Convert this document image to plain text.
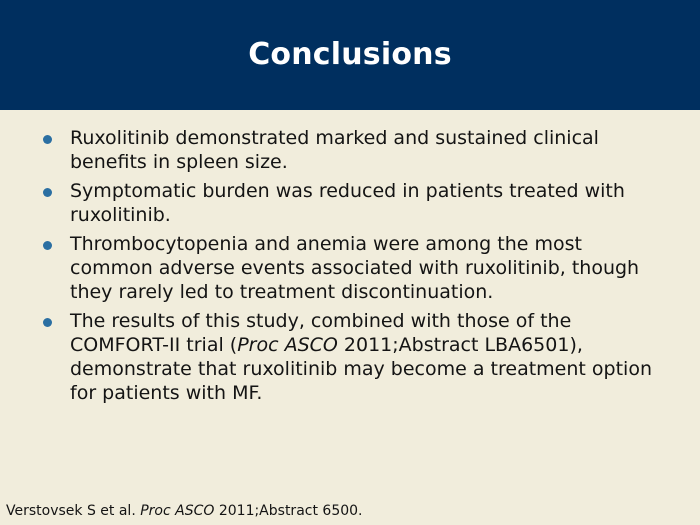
Conclusions
Ruxolitinib demonstrated marked and sustained clinical benefits in spleen size.
Symptomatic burden was reduced in patients treated with ruxolitinib.
Thrombocytopenia and anemia were among the most common adverse events associated with ruxolitinib, though they rarely led to treatment discontinuation.
The results of this study, combined with those of the COMFORT-II trial (Proc ASCO 2011;Abstract LBA6501), demonstrate that ruxolitinib may become a treatment option for patients with MF.
Verstovsek S et al. Proc ASCO 2011;Abstract 6500.
